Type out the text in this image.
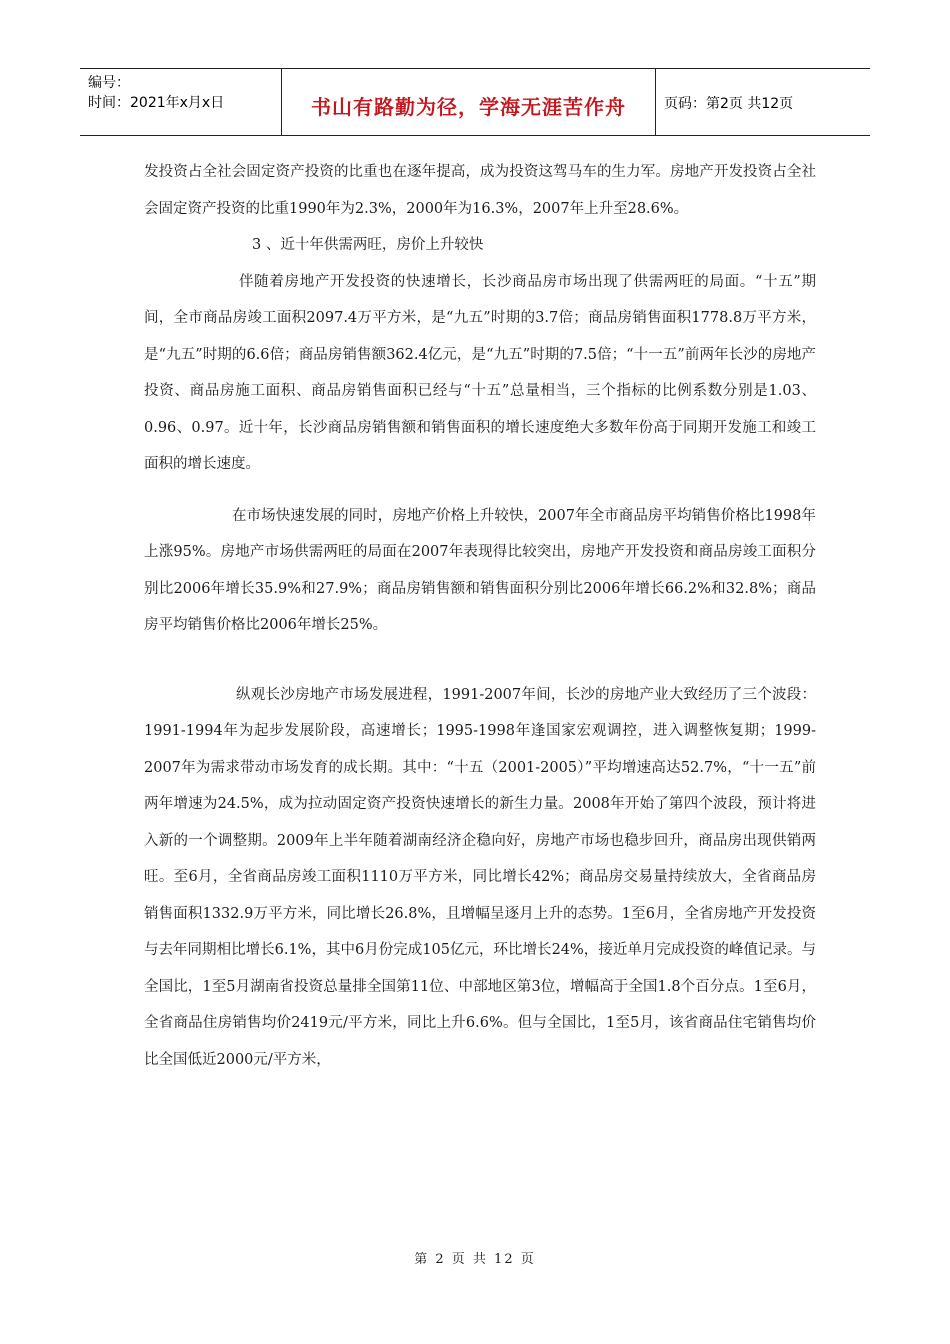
编号：
时间：2021年x月x日	书山有路勤为径，学海无涯苦作舟	页码：第2页 共12页

发投资占全社会固定资产投资的比重也在逐年提高，成为投资这驾马车的生力军。房地产开发投资占全社会固定资产投资的比重1990年为2.3%，2000年为16.3%，2007年上升至28.6%。

3 、近十年供需两旺，房价上升较快

伴随着房地产开发投资的快速增长，长沙商品房市场出现了供需两旺的局面。“十五”期间，全市商品房竣工面积2097.4万平方米，是“九五”时期的3.7倍；商品房销售面积1778.8万平方米，是“九五”时期的6.6倍；商品房销售额362.4亿元，是“九五”时期的7.5倍；“十一五”前两年长沙的房地产投资、商品房施工面积、商品房销售面积已经与“十五”总量相当，三个指标的比例系数分别是1.03、0.96、0.97。近十年，长沙商品房销售额和销售面积的增长速度绝大多数年份高于同期开发施工和竣工面积的增长速度。

在市场快速发展的同时，房地产价格上升较快，2007年全市商品房平均销售价格比1998年上涨95%。房地产市场供需两旺的局面在2007年表现得比较突出，房地产开发投资和商品房竣工面积分别比2006年增长35.9%和27.9%；商品房销售额和销售面积分别比2006年增长66.2%和32.8%；商品房平均销售价格比2006年增长25%。

纵观长沙房地产市场发展进程，1991-2007年间，长沙的房地产业大致经历了三个波段：1991-1994年为起步发展阶段，高速增长；1995-1998年逢国家宏观调控，进入调整恢复期；1999-2007年为需求带动市场发育的成长期。其中：“十五（2001-2005）”平均增速高达52.7%，“十一五”前两年增速为24.5%，成为拉动固定资产投资快速增长的新生力量。2008年开始了第四个波段，预计将进入新的一个调整期。2009年上半年随着湖南经济企稳向好，房地产市场也稳步回升，商品房出现供销两旺。至6月，全省商品房竣工面积1110万平方米，同比增长42%；商品房交易量持续放大，全省商品房销售面积1332.9万平方米，同比增长26.8%，且增幅呈逐月上升的态势。1至6月，全省房地产开发投资与去年同期相比增长6.1%，其中6月份完成105亿元，环比增长24%，接近单月完成投资的峰值记录。与全国比，1至5月湖南省投资总量排全国第11位、中部地区第3位，增幅高于全国1.8个百分点。1至6月，全省商品住房销售均价2419元/平方米，同比上升6.6%。但与全国比，1至5月，该省商品住宅销售均价比全国低近2000元/平方米，

第 2 页 共 12 页
